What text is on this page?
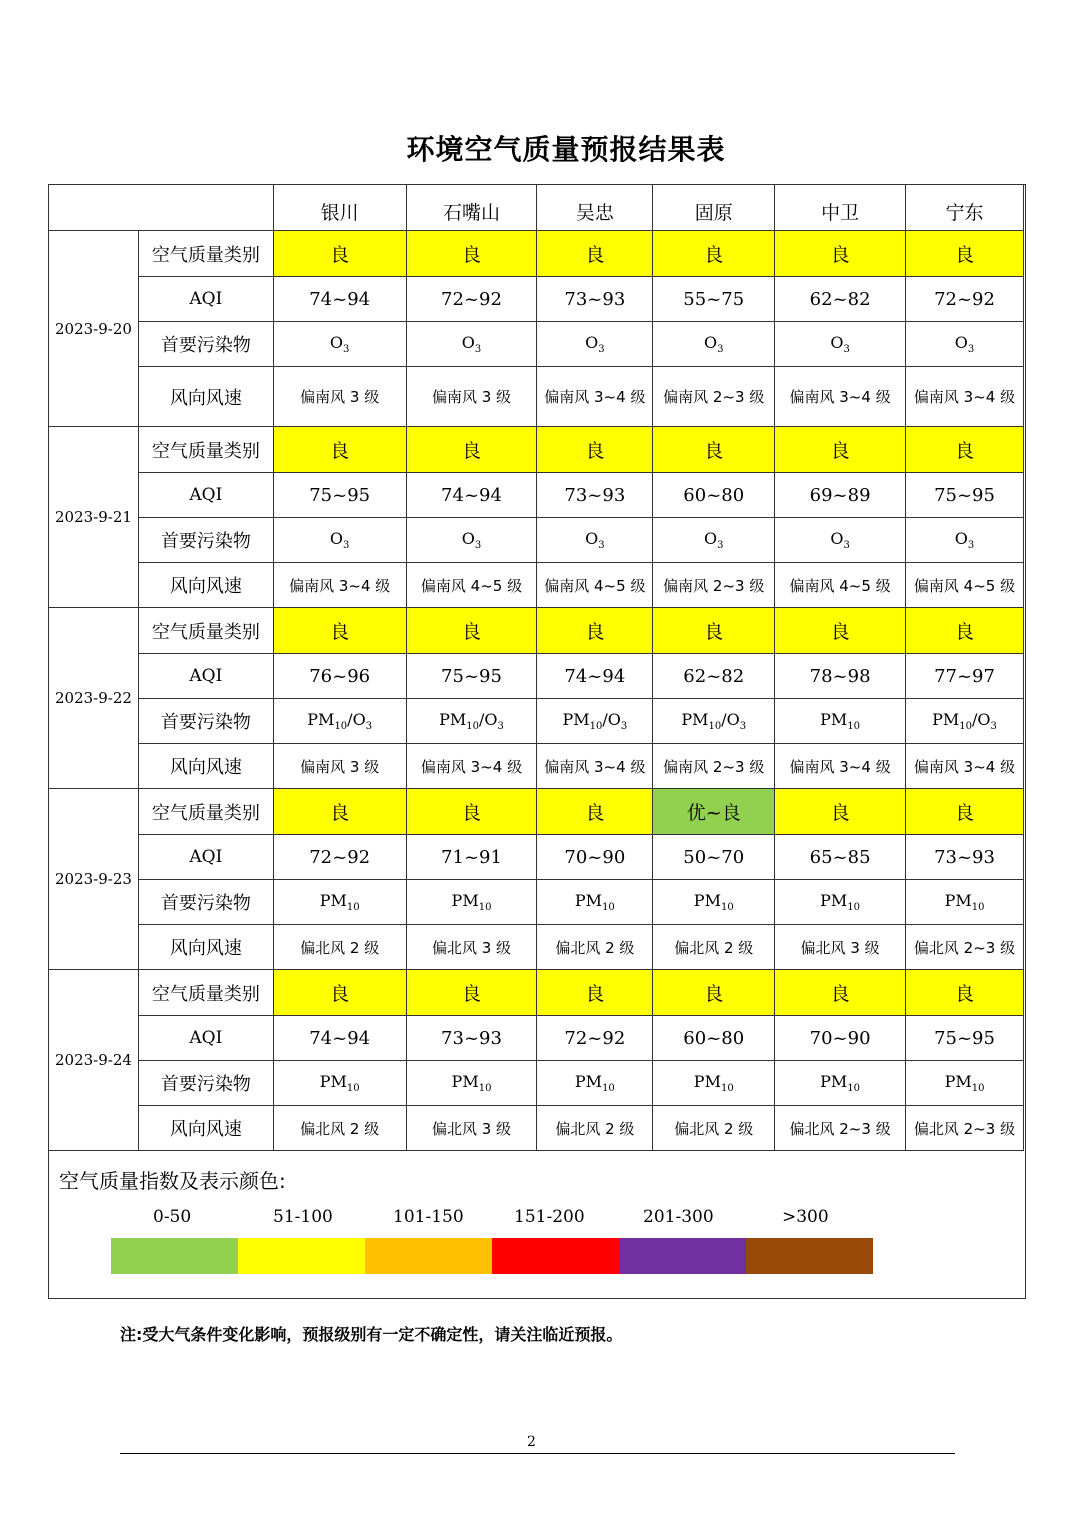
环境空气质量预报结果表
		银川	石嘴山	吴忠	固原	中卫	宁东
2023-9-20	空气质量类别	良	良	良	良	良	良
	AQI	74~94	72~92	73~93	55~75	62~82	72~92
	首要污染物	$O_3$	$O_3$	$O_3$	$O_3$	$O_3$	$O_3$
	风向风速	偏南风 3 级	偏南风 3 级	偏南风 3~4 级	偏南风 2~3 级	偏南风 3~4 级	偏南风 3~4 级
2023-9-21	空气质量类别	良	良	良	良	良	良
	AQI	75~95	74~94	73~93	60~80	69~89	75~95
	首要污染物	$O_3$	$O_3$	$O_3$	$O_3$	$O_3$	$O_3$
	风向风速	偏南风 3~4 级	偏南风 4~5 级	偏南风 4~5 级	偏南风 2~3 级	偏南风 4~5 级	偏南风 4~5 级
2023-9-22	空气质量类别	良	良	良	良	良	良
	AQI	76~96	75~95	74~94	62~82	78~98	77~97
	首要污染物	$PM_{10}/O_3$	$PM_{10}/O_3$	$PM_{10}/O_3$	$PM_{10}/O_3$	$PM_{10}$	$PM_{10}/O_3$
	风向风速	偏南风 3 级	偏南风 3~4 级	偏南风 3~4 级	偏南风 2~3 级	偏南风 3~4 级	偏南风 3~4 级
2023-9-23	空气质量类别	良	良	良	优~良	良	良
	AQI	72~92	71~91	70~90	50~70	65~85	73~93
	首要污染物	$PM_{10}$	$PM_{10}$	$PM_{10}$	$PM_{10}$	$PM_{10}$	$PM_{10}$
	风向风速	偏北风 2 级	偏北风 3 级	偏北风 2 级	偏北风 2 级	偏北风 3 级	偏北风 2~3 级
2023-9-24	空气质量类别	良	良	良	良	良	良
	AQI	74~94	73~93	72~92	60~80	70~90	75~95
	首要污染物	$PM_{10}$	$PM_{10}$	$PM_{10}$	$PM_{10}$	$PM_{10}$	$PM_{10}$
	风向风速	偏北风 2 级	偏北风 3 级	偏北风 2 级	偏北风 2 级	偏北风 2~3 级	偏北风 2~3 级
空气质量指数及表示颜色:
0-50	51-100	101-150	151-200	201-300	>300
注:受大气条件变化影响，预报级别有一定不确定性，请关注临近预报。
2
